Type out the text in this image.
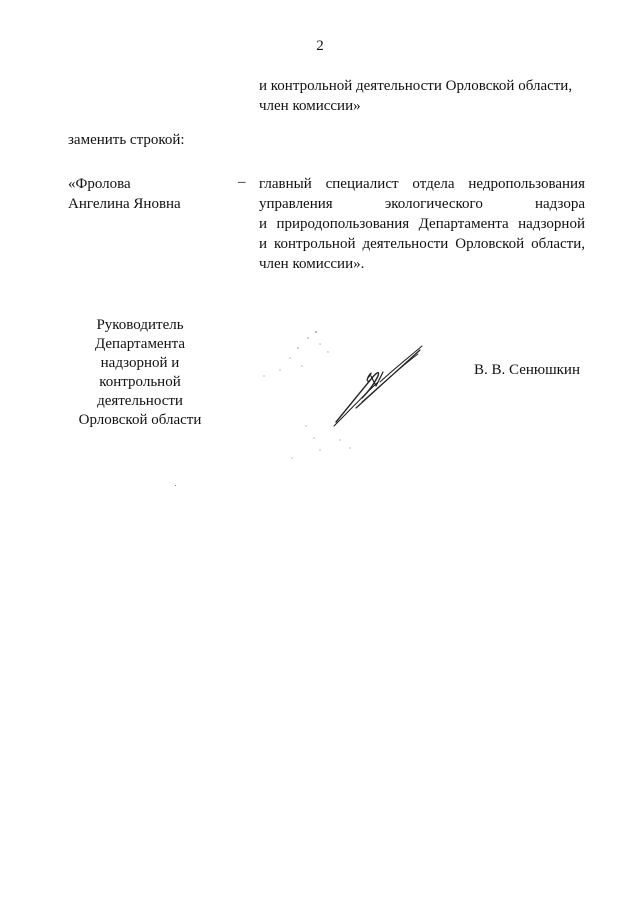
2
и контрольной деятельности Орловской области,
член комиссии»
заменить строкой:
«Фролова
Ангелина Яновна
– главный специалист отдела недропользования
управления экологического надзора
и природопользования Департамента надзорной
и контрольной деятельности Орловской области,
член комиссии».
Руководитель
Департамента
надзорной и
контрольной
деятельности
Орловской области
В. В. Сенюшкин
